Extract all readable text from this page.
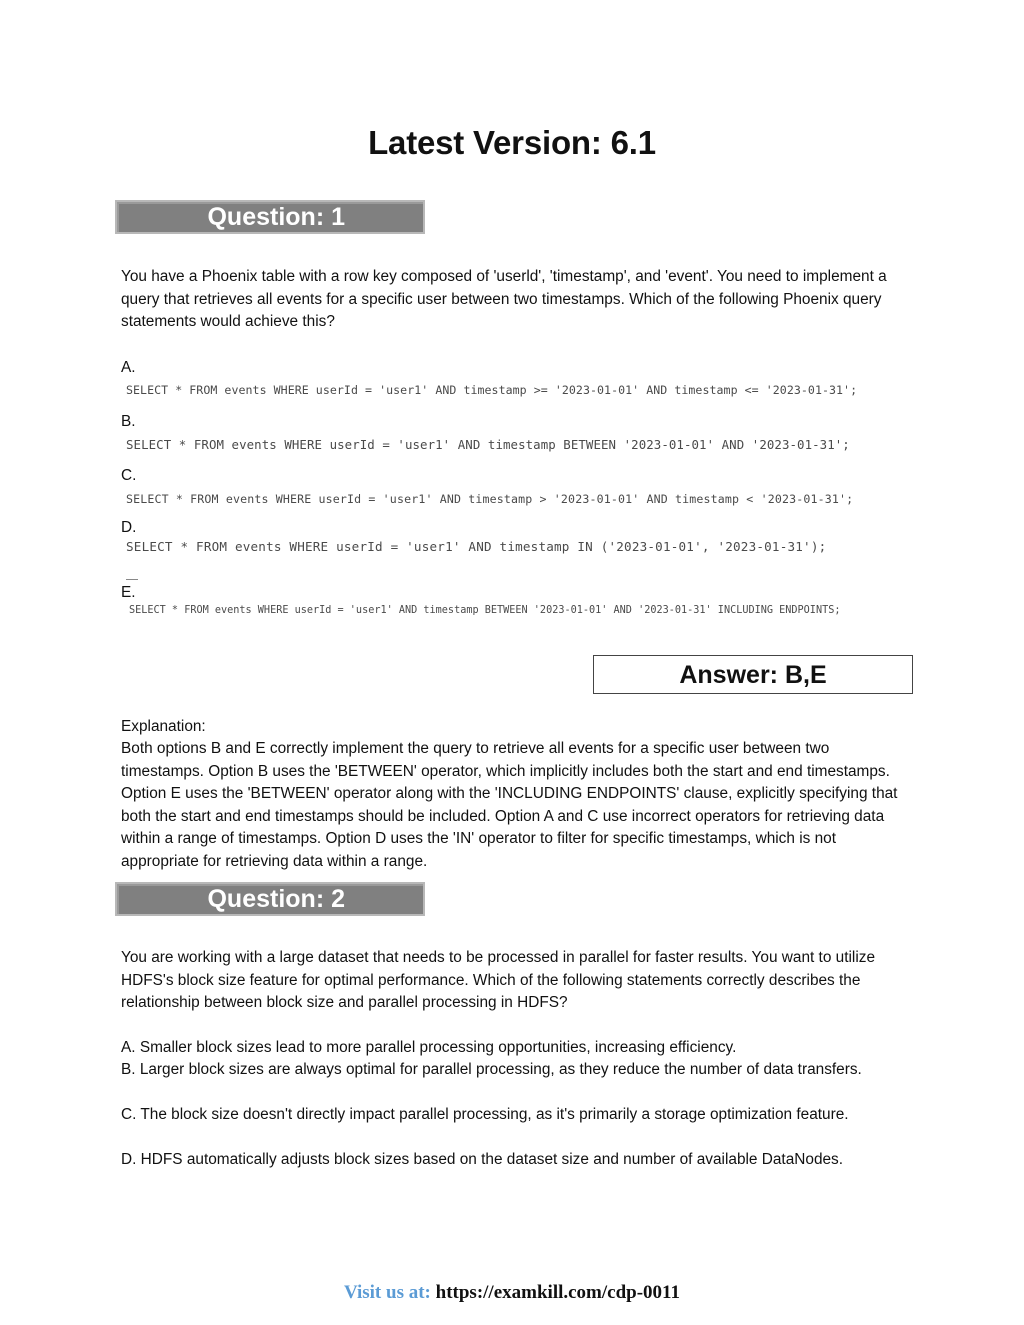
Latest Version: 6.1
Question: 1
You have a Phoenix table with a row key composed of 'userld', 'timestamp', and 'event'. You need to implement a query that retrieves all events for a specific user between two timestamps. Which of the following Phoenix query statements would achieve this?
A.
SELECT * FROM events WHERE userId = 'user1' AND timestamp >= '2023-01-01' AND timestamp <= '2023-01-31';
B.
SELECT * FROM events WHERE userId = 'user1' AND timestamp BETWEEN '2023-01-01' AND '2023-01-31';
C.
SELECT * FROM events WHERE userId = 'user1' AND timestamp > '2023-01-01' AND timestamp < '2023-01-31';
D.
SELECT * FROM events WHERE userId = 'user1' AND timestamp IN ('2023-01-01', '2023-01-31');
E.
SELECT * FROM events WHERE userId = 'user1' AND timestamp BETWEEN '2023-01-01' AND '2023-01-31' INCLUDING ENDPOINTS;
Answer: B,E
Explanation:
Both options B and E correctly implement the query to retrieve all events for a specific user between two timestamps. Option B uses the 'BETWEEN' operator, which implicitly includes both the start and end timestamps. Option E uses the 'BETWEEN' operator along with the 'INCLUDING ENDPOINTS' clause, explicitly specifying that both the start and end timestamps should be included. Option A and C use incorrect operators for retrieving data within a range of timestamps. Option D uses the 'IN' operator to filter for specific timestamps, which is not appropriate for retrieving data within a range.
Question: 2
You are working with a large dataset that needs to be processed in parallel for faster results. You want to utilize HDFS's block size feature for optimal performance. Which of the following statements correctly describes the relationship between block size and parallel processing in HDFS?
A. Smaller block sizes lead to more parallel processing opportunities, increasing efficiency.
B. Larger block sizes are always optimal for parallel processing, as they reduce the number of data transfers.
C. The block size doesn't directly impact parallel processing, as it's primarily a storage optimization feature.
D. HDFS automatically adjusts block sizes based on the dataset size and number of available DataNodes.
Visit us at: https://examkill.com/cdp-0011
